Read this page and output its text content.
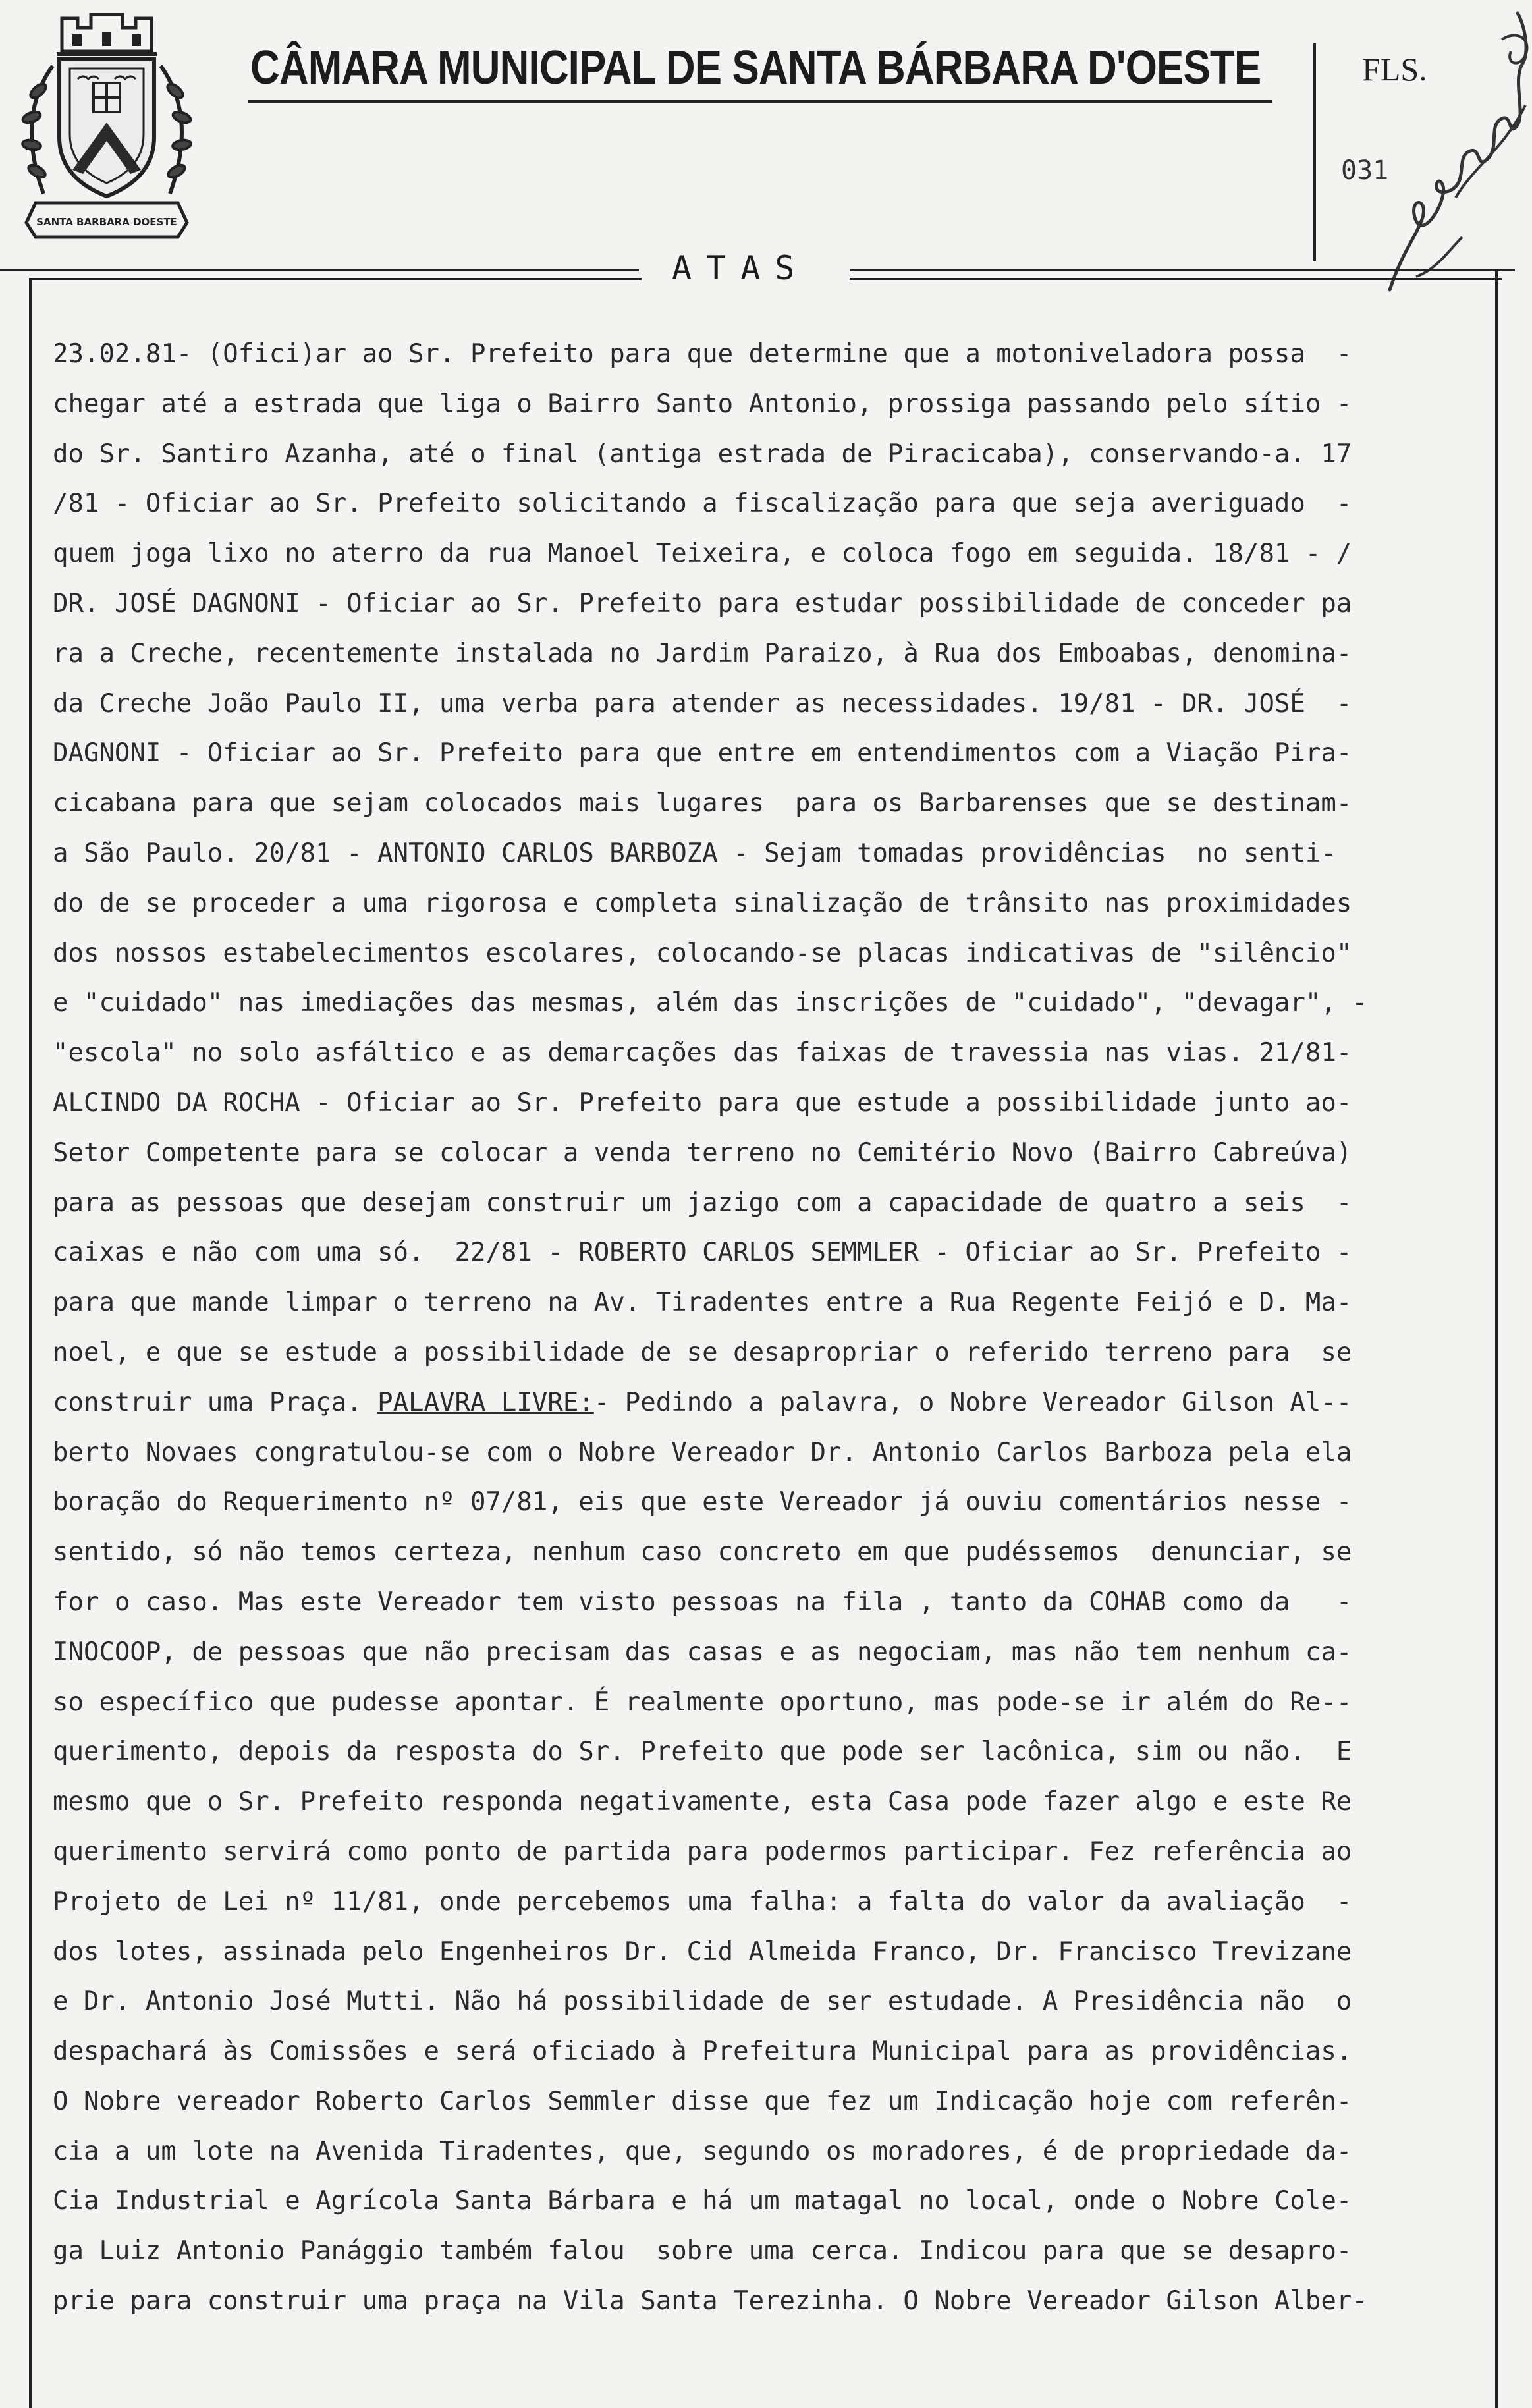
SANTA BARBARA DOESTE
CÂMARA MUNICIPAL DE SANTA BÁRBARA D'OESTE	FLS.
031
ATAS
23.02.81- (Ofici)ar ao Sr. Prefeito para que determine que a motoniveladora possa  -
chegar até a estrada que liga o Bairro Santo Antonio, prossiga passando pelo sítio -
do Sr. Santiro Azanha, até o final (antiga estrada de Piracicaba), conservando-a. 17
/81 - Oficiar ao Sr. Prefeito solicitando a fiscalização para que seja averiguado  -
quem joga lixo no aterro da rua Manoel Teixeira, e coloca fogo em seguida. 18/81 - /
DR. JOSÉ DAGNONI - Oficiar ao Sr. Prefeito para estudar possibilidade de conceder pa
ra a Creche, recentemente instalada no Jardim Paraizo, à Rua dos Emboabas, denomina-
da Creche João Paulo II, uma verba para atender as necessidades. 19/81 - DR. JOSÉ  -
DAGNONI - Oficiar ao Sr. Prefeito para que entre em entendimentos com a Viação Pira-
cicabana para que sejam colocados mais lugares  para os Barbarenses que se destinam-
a São Paulo. 20/81 - ANTONIO CARLOS BARBOZA - Sejam tomadas providências  no senti-
do de se proceder a uma rigorosa e completa sinalização de trânsito nas proximidades
dos nossos estabelecimentos escolares, colocando-se placas indicativas de "silêncio"
e "cuidado" nas imediações das mesmas, além das inscrições de "cuidado", "devagar", -
"escola" no solo asfáltico e as demarcações das faixas de travessia nas vias. 21/81-
ALCINDO DA ROCHA - Oficiar ao Sr. Prefeito para que estude a possibilidade junto ao-
Setor Competente para se colocar a venda terreno no Cemitério Novo (Bairro Cabreúva)
para as pessoas que desejam construir um jazigo com a capacidade de quatro a seis  -
caixas e não com uma só.  22/81 - ROBERTO CARLOS SEMMLER - Oficiar ao Sr. Prefeito -
para que mande limpar o terreno na Av. Tiradentes entre a Rua Regente Feijó e D. Ma-
noel, e que se estude a possibilidade de se desapropriar o referido terreno para  se
construir uma Praça. PALAVRA LIVRE:- Pedindo a palavra, o Nobre Vereador Gilson Al--
berto Novaes congratulou-se com o Nobre Vereador Dr. Antonio Carlos Barboza pela ela
boração do Requerimento nº 07/81, eis que este Vereador já ouviu comentários nesse -
sentido, só não temos certeza, nenhum caso concreto em que pudéssemos  denunciar, se
for o caso. Mas este Vereador tem visto pessoas na fila , tanto da COHAB como da   -
INOCOOP, de pessoas que não precisam das casas e as negociam, mas não tem nenhum ca-
so específico que pudesse apontar. É realmente oportuno, mas pode-se ir além do Re--
querimento, depois da resposta do Sr. Prefeito que pode ser lacônica, sim ou não.  E
mesmo que o Sr. Prefeito responda negativamente, esta Casa pode fazer algo e este Re
querimento servirá como ponto de partida para podermos participar. Fez referência ao
Projeto de Lei nº 11/81, onde percebemos uma falha: a falta do valor da avaliação  -
dos lotes, assinada pelo Engenheiros Dr. Cid Almeida Franco, Dr. Francisco Trevizane
e Dr. Antonio José Mutti. Não há possibilidade de ser estudade. A Presidência não  o
despachará às Comissões e será oficiado à Prefeitura Municipal para as providências.
O Nobre vereador Roberto Carlos Semmler disse que fez um Indicação hoje com referên-
cia a um lote na Avenida Tiradentes, que, segundo os moradores, é de propriedade da-
Cia Industrial e Agrícola Santa Bárbara e há um matagal no local, onde o Nobre Cole-
ga Luiz Antonio Panággio também falou  sobre uma cerca. Indicou para que se desapro-
prie para construir uma praça na Vila Santa Terezinha. O Nobre Vereador Gilson Alber-
